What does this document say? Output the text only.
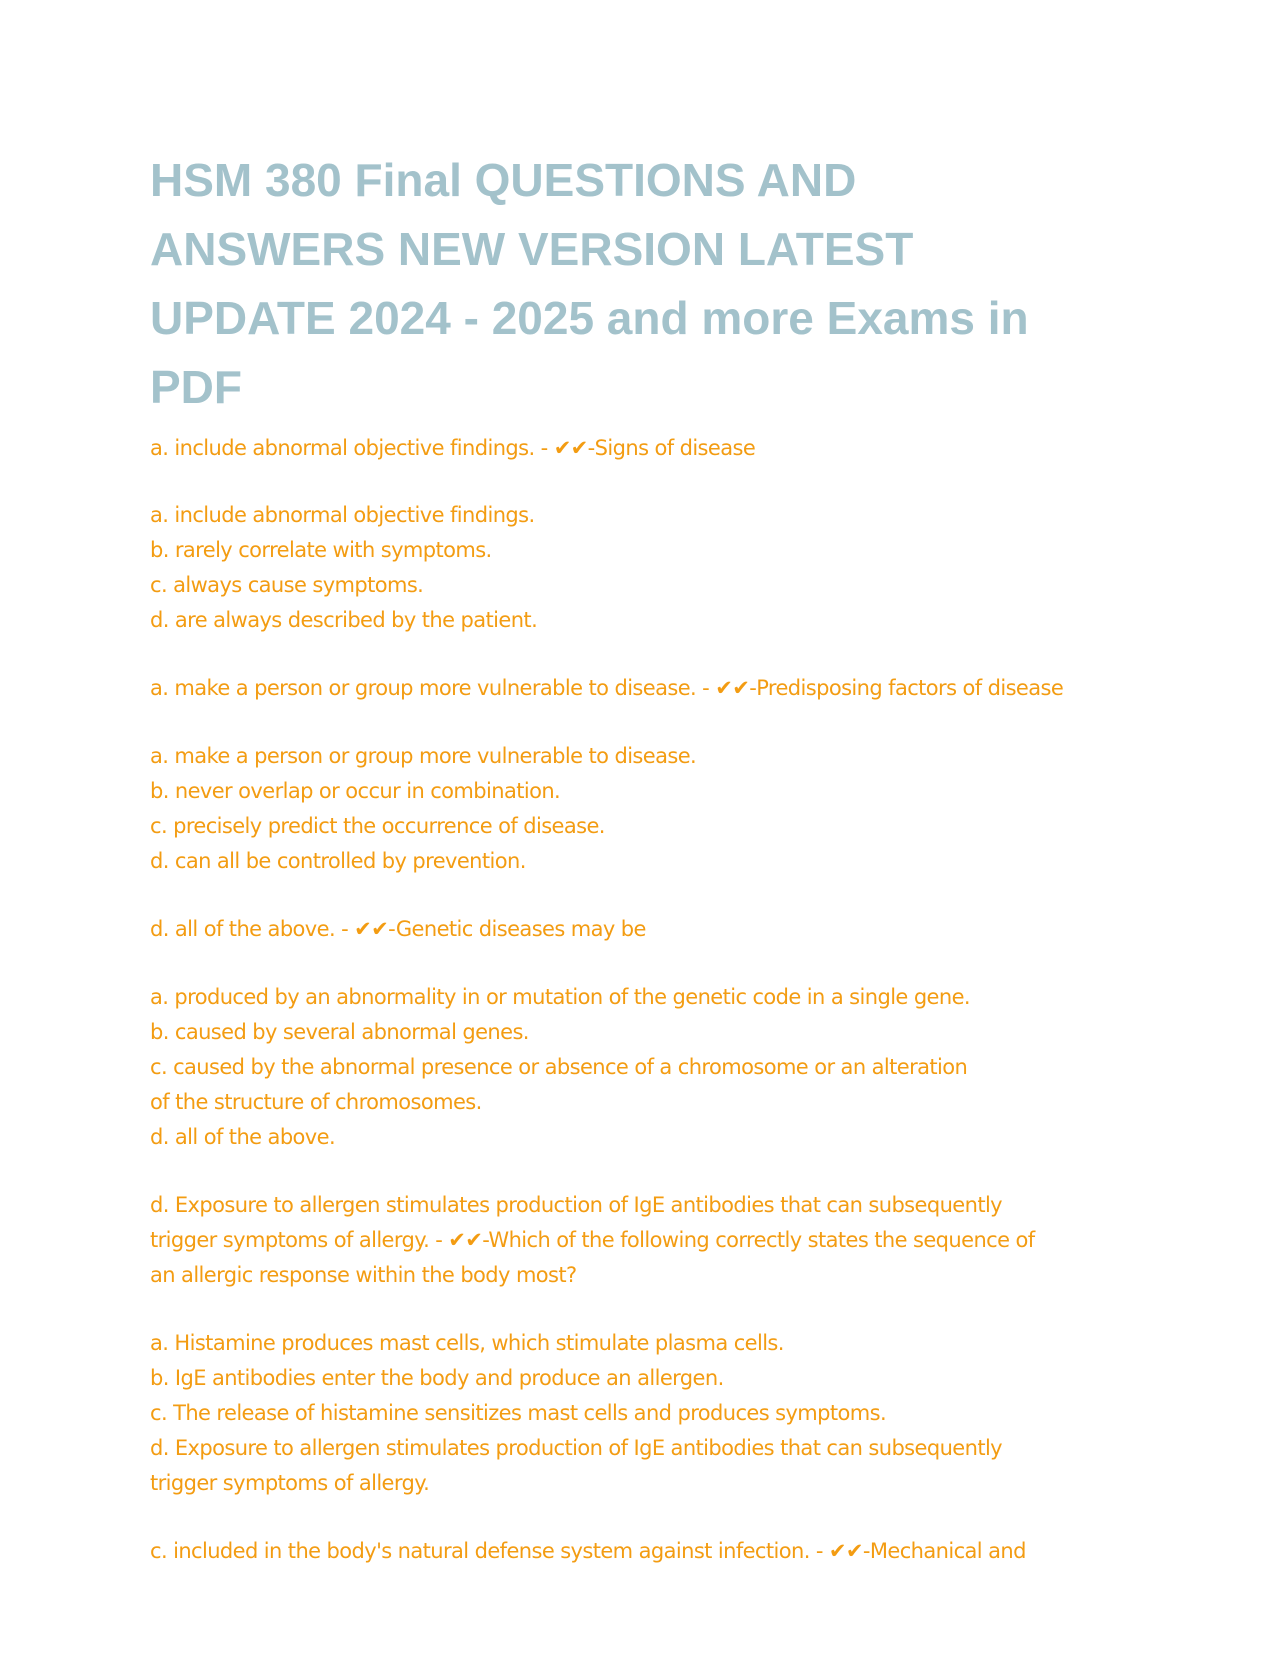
HSM 380 Final QUESTIONS AND ANSWERS NEW VERSION LATEST UPDATE 2024 - 2025 and more Exams in PDF
a. include abnormal objective findings. - ✔✔-Signs of disease
a. include abnormal objective findings.
b. rarely correlate with symptoms.
c. always cause symptoms.
d. are always described by the patient.
a. make a person or group more vulnerable to disease. - ✔✔-Predisposing factors of disease
a. make a person or group more vulnerable to disease.
b. never overlap or occur in combination.
c. precisely predict the occurrence of disease.
d. can all be controlled by prevention.
d. all of the above. - ✔✔-Genetic diseases may be
a. produced by an abnormality in or mutation of the genetic code in a single gene.
b. caused by several abnormal genes.
c. caused by the abnormal presence or absence of a chromosome or an alteration
of the structure of chromosomes.
d. all of the above.
d. Exposure to allergen stimulates production of IgE antibodies that can subsequently
trigger symptoms of allergy. - ✔✔-Which of the following correctly states the sequence of
an allergic response within the body most?
a. Histamine produces mast cells, which stimulate plasma cells.
b. IgE antibodies enter the body and produce an allergen.
c. The release of histamine sensitizes mast cells and produces symptoms.
d. Exposure to allergen stimulates production of IgE antibodies that can subsequently
trigger symptoms of allergy.
c. included in the body's natural defense system against infection. - ✔✔-Mechanical and
